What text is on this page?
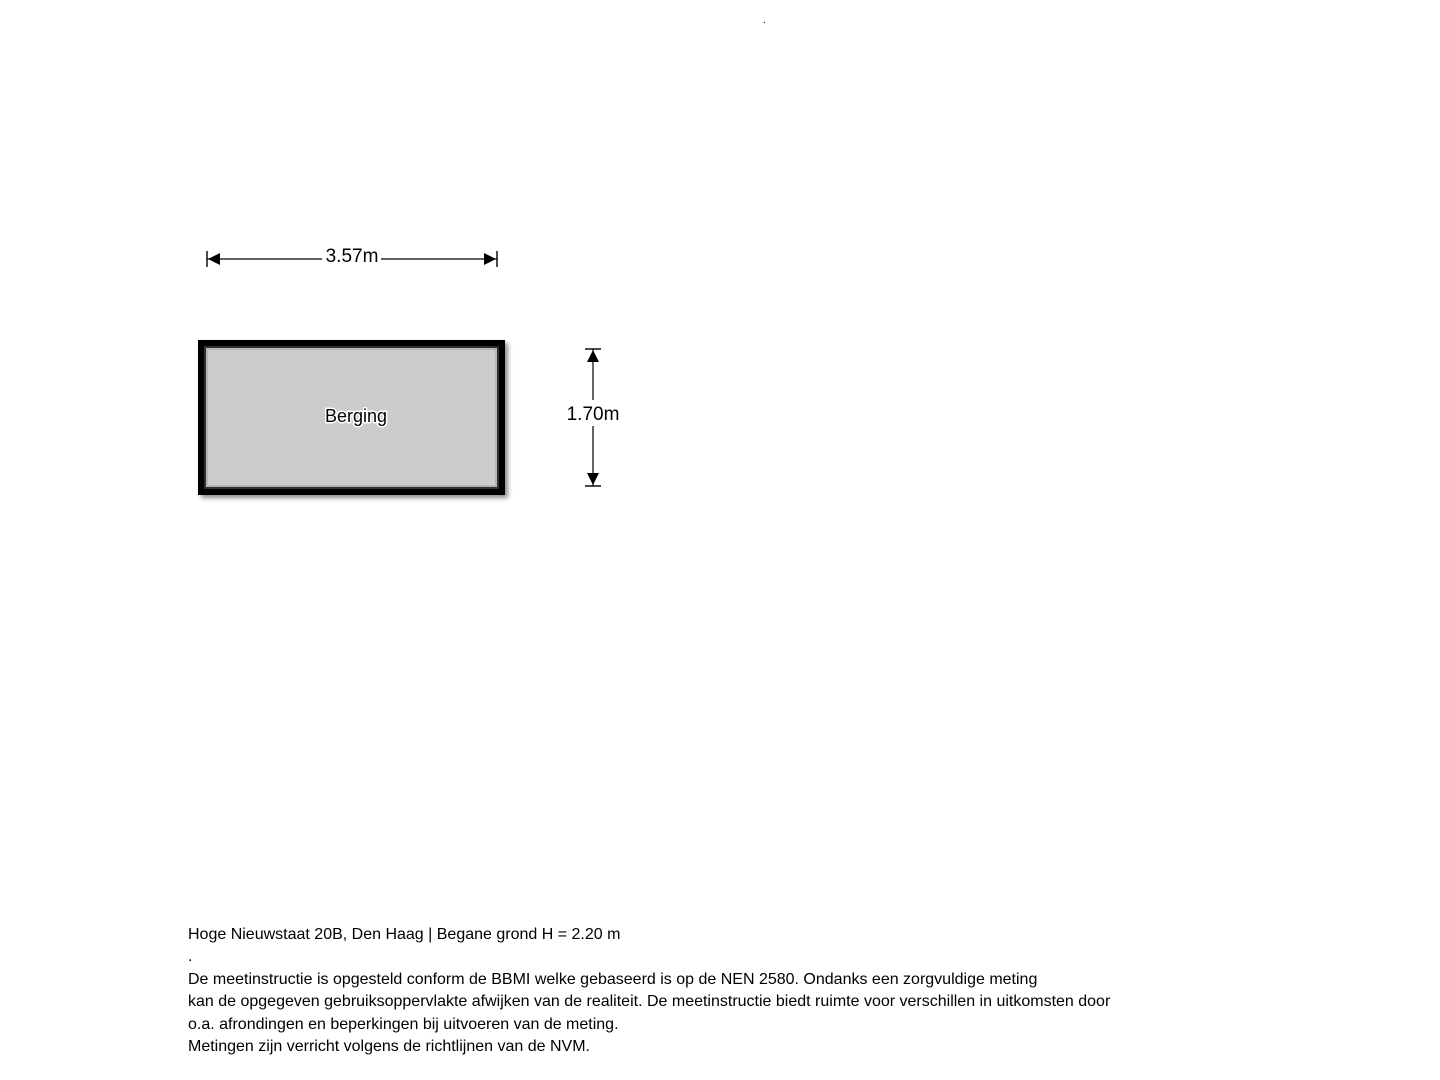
.
3.57m
Berging	1.70m
Hoge Nieuwstaat 20B, Den Haag | Begane grond H = 2.20 m
.
De meetinstructie is opgesteld conform de BBMI welke gebaseerd is op de NEN 2580. Ondanks een zorgvuldige meting
kan de opgegeven gebruiksoppervlakte afwijken van de realiteit. De meetinstructie biedt ruimte voor verschillen in uitkomsten door
o.a. afrondingen en beperkingen bij uitvoeren van de meting.
Metingen zijn verricht volgens de richtlijnen van de NVM.
